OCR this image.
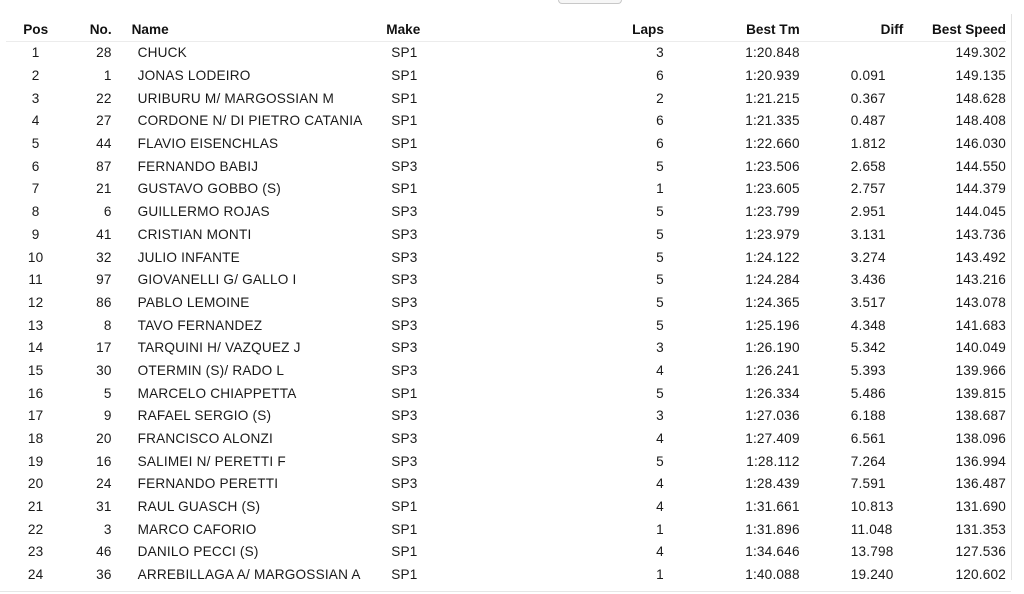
Pos	No.	Name	Make	Laps	Best Tm	Diff	Best Speed
1	28	CHUCK	SP1	3	1:20.848		149.302
2	1	JONAS LODEIRO	SP1	6	1:20.939	0.091	149.135
3	22	URIBURU M/ MARGOSSIAN M	SP1	2	1:21.215	0.367	148.628
4	27	CORDONE N/ DI PIETRO CATANIA	SP1	6	1:21.335	0.487	148.408
5	44	FLAVIO EISENCHLAS	SP1	6	1:22.660	1.812	146.030
6	87	FERNANDO BABIJ	SP3	5	1:23.506	2.658	144.550
7	21	GUSTAVO GOBBO (S)	SP1	1	1:23.605	2.757	144.379
8	6	GUILLERMO ROJAS	SP3	5	1:23.799	2.951	144.045
9	41	CRISTIAN MONTI	SP3	5	1:23.979	3.131	143.736
10	32	JULIO INFANTE	SP3	5	1:24.122	3.274	143.492
11	97	GIOVANELLI G/ GALLO I	SP3	5	1:24.284	3.436	143.216
12	86	PABLO LEMOINE	SP3	5	1:24.365	3.517	143.078
13	8	TAVO FERNANDEZ	SP3	5	1:25.196	4.348	141.683
14	17	TARQUINI H/ VAZQUEZ J	SP3	3	1:26.190	5.342	140.049
15	30	OTERMIN (S)/ RADO L	SP3	4	1:26.241	5.393	139.966
16	5	MARCELO CHIAPPETTA	SP1	5	1:26.334	5.486	139.815
17	9	RAFAEL SERGIO (S)	SP3	3	1:27.036	6.188	138.687
18	20	FRANCISCO ALONZI	SP3	4	1:27.409	6.561	138.096
19	16	SALIMEI N/ PERETTI F	SP3	5	1:28.112	7.264	136.994
20	24	FERNANDO PERETTI	SP3	4	1:28.439	7.591	136.487
21	31	RAUL GUASCH (S)	SP1	4	1:31.661	10.813	131.690
22	3	MARCO CAFORIO	SP1	1	1:31.896	11.048	131.353
23	46	DANILO PECCI (S)	SP1	4	1:34.646	13.798	127.536
24	36	ARREBILLAGA A/ MARGOSSIAN A	SP1	1	1:40.088	19.240	120.602
